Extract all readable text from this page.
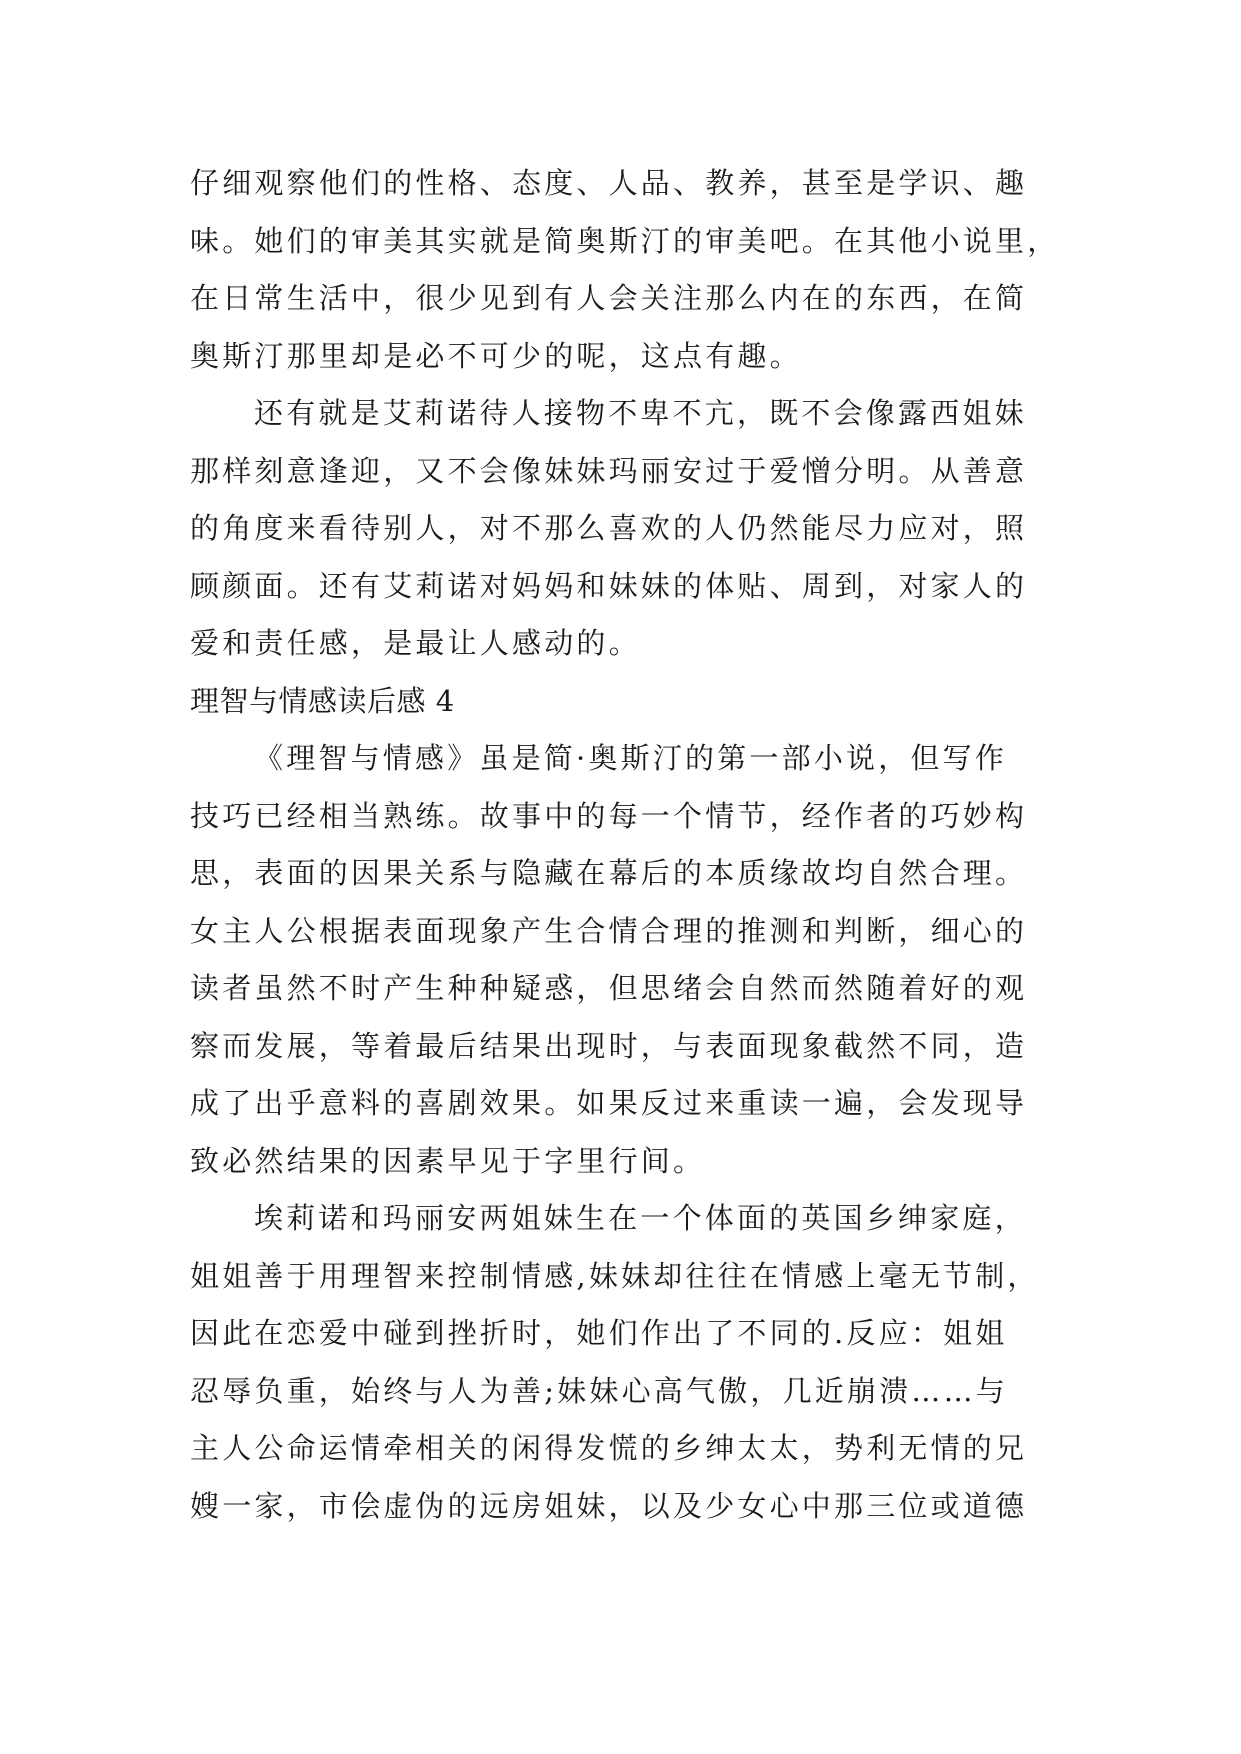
仔细观察他们的性格、态度、人品、教养，甚至是学识、趣
味。她们的审美其实就是简奥斯汀的审美吧。在其他小说里，
在日常生活中，很少见到有人会关注那么内在的东西，在简
奥斯汀那里却是必不可少的呢，这点有趣。
还有就是艾莉诺待人接物不卑不亢，既不会像露西姐妹
那样刻意逢迎，又不会像妹妹玛丽安过于爱憎分明。从善意
的角度来看待别人，对不那么喜欢的人仍然能尽力应对，照
顾颜面。还有艾莉诺对妈妈和妹妹的体贴、周到，对家人的
爱和责任感，是最让人感动的。
理智与情感读后感 4
《理智与情感》虽是简·奥斯汀的第一部小说，但写作
技巧已经相当熟练。故事中的每一个情节，经作者的巧妙构
思，表面的因果关系与隐藏在幕后的本质缘故均自然合理。
女主人公根据表面现象产生合情合理的推测和判断，细心的
读者虽然不时产生种种疑惑，但思绪会自然而然随着好的观
察而发展，等着最后结果出现时，与表面现象截然不同，造
成了出乎意料的喜剧效果。如果反过来重读一遍，会发现导
致必然结果的因素早见于字里行间。
埃莉诺和玛丽安两姐妹生在一个体面的英国乡绅家庭，
姐姐善于用理智来控制情感,妹妹却往往在情感上毫无节制，
因此在恋爱中碰到挫折时，她们作出了不同的.反应：姐姐
忍辱负重，始终与人为善;妹妹心高气傲，几近崩溃……与
主人公命运情牵相关的闲得发慌的乡绅太太，势利无情的兄
嫂一家，市侩虚伪的远房姐妹，以及少女心中那三位或道德
